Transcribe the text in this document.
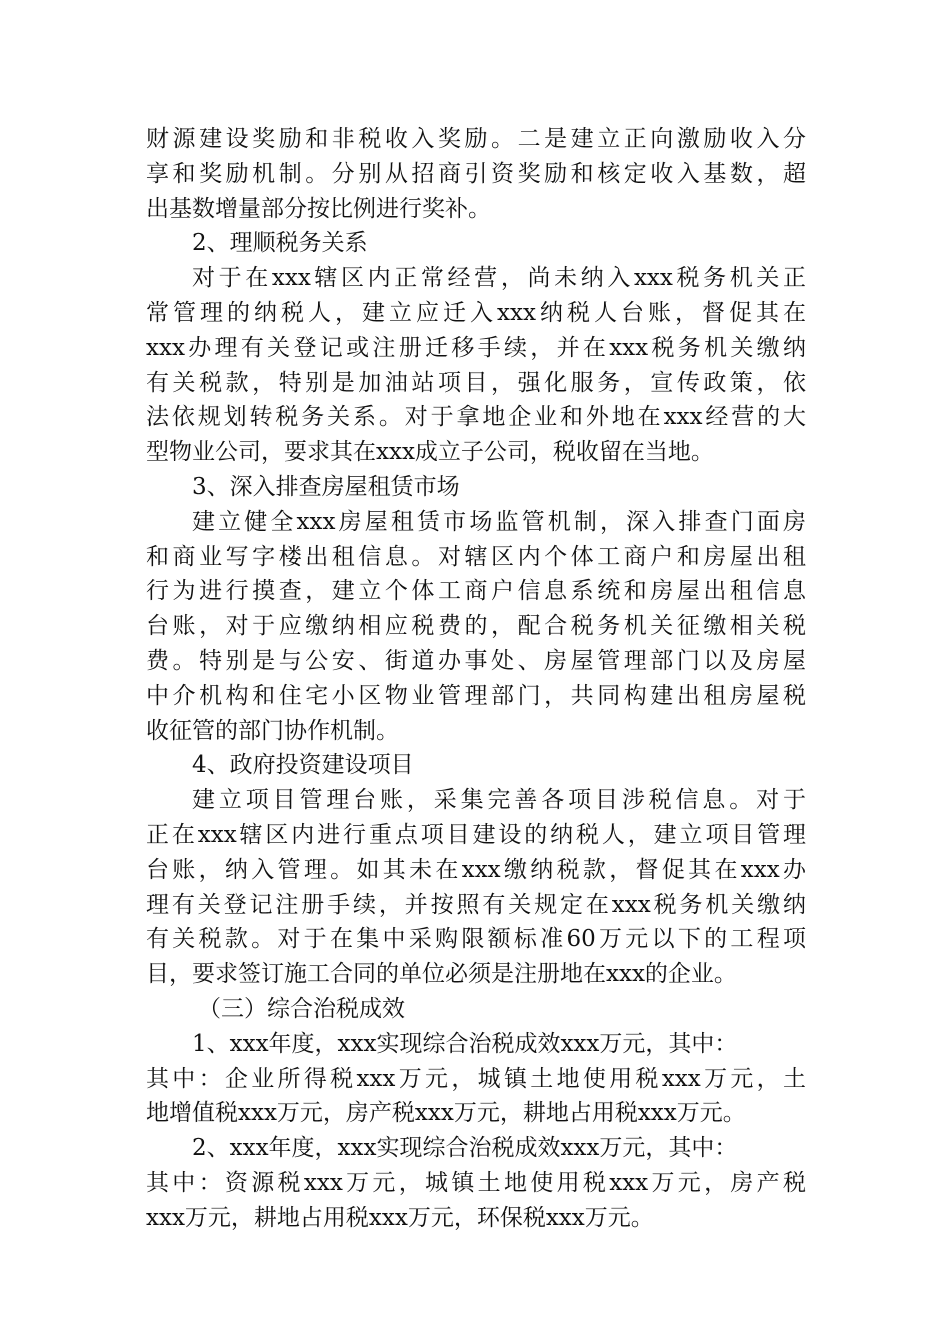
财源建设奖励和非税收入奖励。二是建立正向激励收入分
享和奖励机制。分别从招商引资奖励和核定收入基数，超
出基数增量部分按比例进行奖补。
2、理顺税务关系
对于在xxx辖区内正常经营，尚未纳入xxx税务机关正
常管理的纳税人，建立应迁入xxx纳税人台账，督促其在
xxx办理有关登记或注册迁移手续，并在xxx税务机关缴纳
有关税款，特别是加油站项目，强化服务，宣传政策，依
法依规划转税务关系。对于拿地企业和外地在xxx经营的大
型物业公司，要求其在xxx成立子公司，税收留在当地。
3、深入排查房屋租赁市场
建立健全xxx房屋租赁市场监管机制，深入排查门面房
和商业写字楼出租信息。对辖区内个体工商户和房屋出租
行为进行摸查，建立个体工商户信息系统和房屋出租信息
台账，对于应缴纳相应税费的，配合税务机关征缴相关税
费。特别是与公安、街道办事处、房屋管理部门以及房屋
中介机构和住宅小区物业管理部门，共同构建出租房屋税
收征管的部门协作机制。
4、政府投资建设项目
建立项目管理台账，采集完善各项目涉税信息。对于
正在xxx辖区内进行重点项目建设的纳税人，建立项目管理
台账，纳入管理。如其未在xxx缴纳税款，督促其在xxx办
理有关登记注册手续，并按照有关规定在xxx税务机关缴纳
有关税款。对于在集中采购限额标准60万元以下的工程项
目，要求签订施工合同的单位必须是注册地在xxx的企业。
（三）综合治税成效
1、xxx年度，xxx实现综合治税成效xxx万元，其中：
其中：企业所得税xxx万元，城镇土地使用税xxx万元，土
地增值税xxx万元，房产税xxx万元，耕地占用税xxx万元。
2、xxx年度，xxx实现综合治税成效xxx万元，其中：
其中：资源税xxx万元，城镇土地使用税xxx万元，房产税
xxx万元，耕地占用税xxx万元，环保税xxx万元。
